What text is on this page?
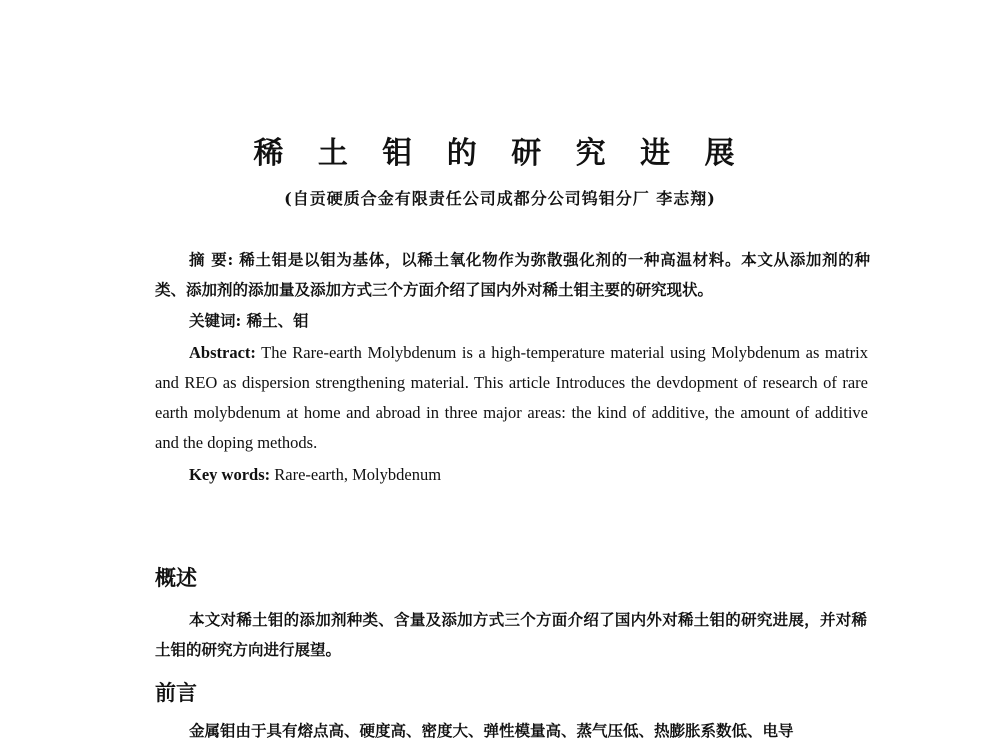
稀 土 钼 的 研 究 进 展
(自贡硬质合金有限责任公司成都分公司钨钼分厂 李志翔)
摘 要: 稀土钼是以钼为基体，以稀土氧化物作为弥散强化剂的一种高温材料。本文从添加剂的种类、添加剂的添加量及添加方式三个方面介绍了国内外对稀土钼主要的研究现状。
关键词: 稀土、钼
Abstract: The Rare-earth Molybdenum is a high-temperature material using Molybdenum as matrix and REO as dispersion strengthening material. This article Introduces the devdopment of research of rare earth molybdenum at home and abroad in three major areas: the kind of additive, the amount of additive and the doping methods.
Key words: Rare-earth, Molybdenum
概述
本文对稀土钼的添加剂种类、含量及添加方式三个方面介绍了国内外对稀土钼的研究进展，并对稀土钼的研究方向进行展望。
前言
金属钼由于具有熔点高、硬度高、密度大、弹性模量高、蒸气压低、热膨胀系数低、电导
